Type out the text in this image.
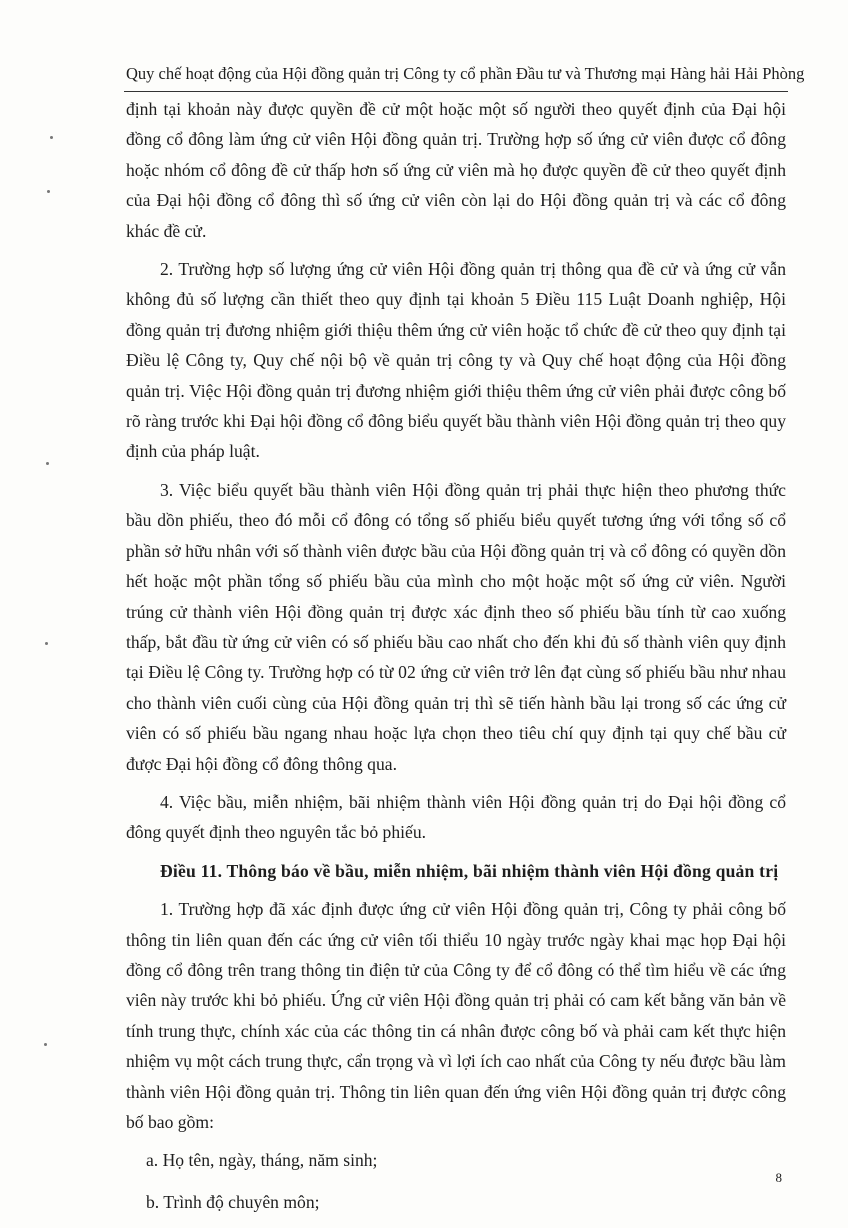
Quy chế hoạt động của Hội đồng quản trị Công ty cổ phần Đầu tư và Thương mại Hàng hải Hải Phòng

định tại khoản này được quyền đề cử một hoặc một số người theo quyết định của Đại hội đồng cổ đông làm ứng cử viên Hội đồng quản trị. Trường hợp số ứng cử viên được cổ đông hoặc nhóm cổ đông đề cử thấp hơn số ứng cử viên mà họ được quyền đề cử theo quyết định của Đại hội đồng cổ đông thì số ứng cử viên còn lại do Hội đồng quản trị và các cổ đông khác đề cử.

2. Trường hợp số lượng ứng cử viên Hội đồng quản trị thông qua đề cử và ứng cử vẫn không đủ số lượng cần thiết theo quy định tại khoản 5 Điều 115 Luật Doanh nghiệp, Hội đồng quản trị đương nhiệm giới thiệu thêm ứng cử viên hoặc tổ chức đề cử theo quy định tại Điều lệ Công ty, Quy chế nội bộ về quản trị công ty và Quy chế hoạt động của Hội đồng quản trị. Việc Hội đồng quản trị đương nhiệm giới thiệu thêm ứng cử viên phải được công bố rõ ràng trước khi Đại hội đồng cổ đông biểu quyết bầu thành viên Hội đồng quản trị theo quy định của pháp luật.

3. Việc biểu quyết bầu thành viên Hội đồng quản trị phải thực hiện theo phương thức bầu dồn phiếu, theo đó mỗi cổ đông có tổng số phiếu biểu quyết tương ứng với tổng số cổ phần sở hữu nhân với số thành viên được bầu của Hội đồng quản trị và cổ đông có quyền dồn hết hoặc một phần tổng số phiếu bầu của mình cho một hoặc một số ứng cử viên. Người trúng cử thành viên Hội đồng quản trị được xác định theo số phiếu bầu tính từ cao xuống thấp, bắt đầu từ ứng cử viên có số phiếu bầu cao nhất cho đến khi đủ số thành viên quy định tại Điều lệ Công ty. Trường hợp có từ 02 ứng cử viên trở lên đạt cùng số phiếu bầu như nhau cho thành viên cuối cùng của Hội đồng quản trị thì sẽ tiến hành bầu lại trong số các ứng cử viên có số phiếu bầu ngang nhau hoặc lựa chọn theo tiêu chí quy định tại quy chế bầu cử được Đại hội đồng cổ đông thông qua.

4. Việc bầu, miễn nhiệm, bãi nhiệm thành viên Hội đồng quản trị do Đại hội đồng cổ đông quyết định theo nguyên tắc bỏ phiếu.

Điều 11. Thông báo về bầu, miễn nhiệm, bãi nhiệm thành viên Hội đồng quản trị

1. Trường hợp đã xác định được ứng cử viên Hội đồng quản trị, Công ty phải công bố thông tin liên quan đến các ứng cử viên tối thiểu 10 ngày trước ngày khai mạc họp Đại hội đồng cổ đông trên trang thông tin điện tử của Công ty để cổ đông có thể tìm hiểu về các ứng viên này trước khi bỏ phiếu. Ứng cử viên Hội đồng quản trị phải có cam kết bằng văn bản về tính trung thực, chính xác của các thông tin cá nhân được công bố và phải cam kết thực hiện nhiệm vụ một cách trung thực, cẩn trọng và vì lợi ích cao nhất của Công ty nếu được bầu làm thành viên Hội đồng quản trị. Thông tin liên quan đến ứng viên Hội đồng quản trị được công bố bao gồm:

a. Họ tên, ngày, tháng, năm sinh;

b. Trình độ chuyên môn;

8
